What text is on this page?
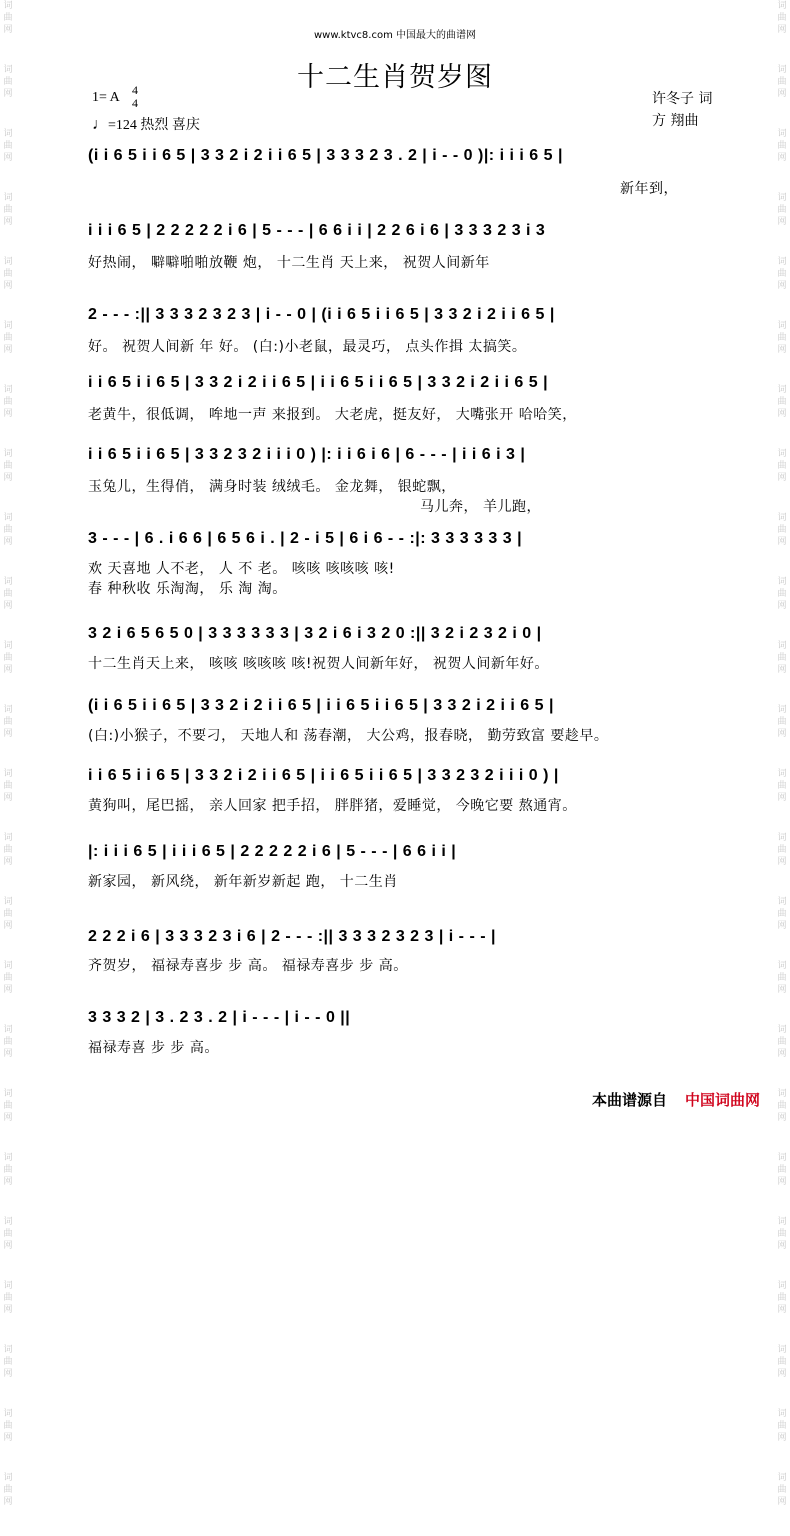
词
曲
网
词
曲
网
词
曲
网
词
曲
网
词
曲
网
词
曲
网
词
曲
网
词
曲
网
词
曲
网
词
曲
网
词
曲
网
词
曲
网
词
曲
网
词
曲
网
词
曲
网
词
曲
网
词
曲
网
词
曲
网
词
曲
网
词
曲
网
词
曲
网
词
曲
网
词
曲
网
词
曲
网
词
曲
网
词
曲
网
词
曲
网
词
曲
网
词
曲
网
词
曲
网
词
曲
网
词
曲
网
词
曲
网
词
曲
网
词
曲
网
词
曲
网
词
曲
网
词
曲
网
词
曲
网
词
曲
网
词
曲
网
词
曲
网
词
曲
网
词
曲
网
词
曲
网
词
曲
网
词
曲
网
词
曲
网
www.ktvc8.com 中国最大的曲谱网
十二生肖贺岁图
1= A 4
4
♩=124 热烈 喜庆
许冬子 词
方 翔曲
(i i 6 5 i i 6 5 | 3 3 2 i 2 i i 6 5 | 3 3 3 2 3 . 2 | i - - 0 )|: i i i 6 5 |
新年到，
i i i 6 5 | 2 2 2 2 2 i 6 | 5 - - - | 6 6 i i | 2 2 6 i 6 | 3 3 3 2 3 i 3
好热闹， 噼噼啪啪放鞭 炮， 十二生肖 天上来， 祝贺人间新年
2 - - - :|| 3 3 3 2 3 2 3 | i - - 0 | (i i 6 5 i i 6 5 | 3 3 2 i 2 i i 6 5 |
好。 祝贺人间新 年 好。 (白:)小老鼠，最灵巧， 点头作揖 太搞笑。
i i 6 5 i i 6 5 | 3 3 2 i 2 i i 6 5 | i i 6 5 i i 6 5 | 3 3 2 i 2 i i 6 5 |
老黄牛，很低调， 哞地一声 来报到。 大老虎，挺友好， 大嘴张开 哈哈笑，
i i 6 5 i i 6 5 | 3 3 2 3 2 i i i 0 ) |: i i 6 i 6 | 6 - - - | i i 6 i 3 |
玉兔儿，生得俏， 满身时装 绒绒毛。 金龙舞， 银蛇飘，
马儿奔， 羊儿跑，
3 - - - | 6 . i 6 6 | 6 5 6 i . | 2 - i 5 | 6 i 6 - - :|: 3 3 3 3 3 3 |
欢 天喜地 人不老， 人 不 老。 咳咳 咳咳咳 咳!
春 种秋收 乐淘淘， 乐 淘 淘。
3 2 i 6 5 6 5 0 | 3 3 3 3 3 3 | 3 2 i 6 i 3 2 0 :|| 3 2 i 2 3 2 i 0 |
十二生肖天上来， 咳咳 咳咳咳 咳!祝贺人间新年好， 祝贺人间新年好。
(i i 6 5 i i 6 5 | 3 3 2 i 2 i i 6 5 | i i 6 5 i i 6 5 | 3 3 2 i 2 i i 6 5 |
(白:)小猴子，不要刁， 天地人和 荡春潮， 大公鸡，报春晓， 勤劳致富 要趁早。
i i 6 5 i i 6 5 | 3 3 2 i 2 i i 6 5 | i i 6 5 i i 6 5 | 3 3 2 3 2 i i i 0 ) |
黄狗叫，尾巴摇， 亲人回家 把手招， 胖胖猪，爱睡觉， 今晚它要 熬通宵。
|: i i i 6 5 | i i i 6 5 | 2 2 2 2 2 i 6 | 5 - - - | 6 6 i i |
新家园， 新风绕， 新年新岁新起 跑， 十二生肖
2 2 2 i 6 | 3 3 3 2 3 i 6 | 2 - - - :|| 3 3 3 2 3 2 3 | i - - - |
齐贺岁， 福禄寿喜步 步 高。 福禄寿喜步 步 高。
3 3 3 2 | 3 . 2 3 . 2 | i - - - | i - - 0 ||
福禄寿喜 步 步 高。
本曲谱源自 中国词曲网
